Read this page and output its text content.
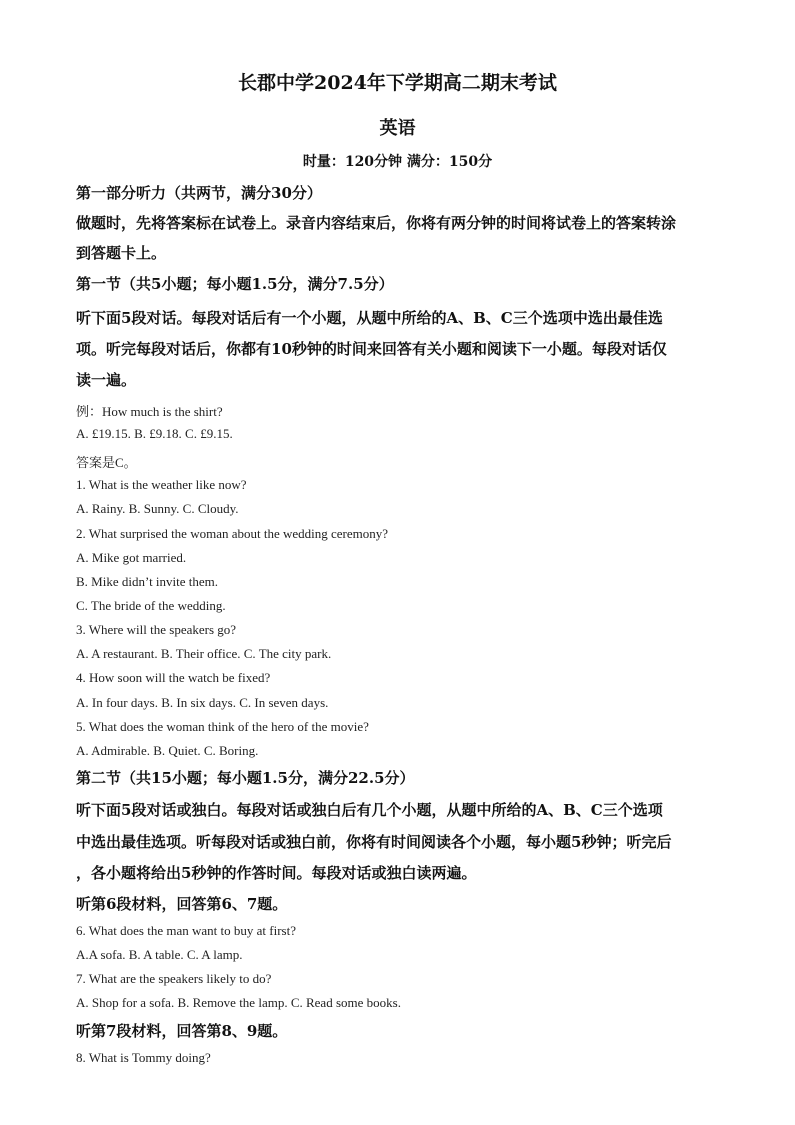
长郡中学2024年下学期高二期末考试
英语
时量：120分钟 满分：150分
第一部分听力（共两节，满分30分）
做题时，先将答案标在试卷上。录音内容结束后，你将有两分钟的时间将试卷上的答案转涂
到答题卡上。
第一节（共5小题；每小题1.5分，满分7.5分）
听下面5段对话。每段对话后有一个小题，从题中所给的A、B、C三个选项中选出最佳选
项。听完每段对话后，你都有10秒钟的时间来回答有关小题和阅读下一小题。每段对话仅
读一遍。
例：How much is the shirt?
A. £19.15. B. £9.18. C. £9.15.
答案是C。
1. What is the weather like now?
A. Rainy. B. Sunny. C. Cloudy.
2. What surprised the woman about the wedding ceremony?
A. Mike got married.
B. Mike didn’t invite them.
C. The bride of the wedding.
3. Where will the speakers go?
A. A restaurant. B. Their office. C. The city park.
4. How soon will the watch be fixed?
A. In four days. B. In six days. C. In seven days.
5. What does the woman think of the hero of the movie?
A. Admirable. B. Quiet. C. Boring.
第二节（共15小题；每小题1.5分，满分22.5分）
听下面5段对话或独白。每段对话或独白后有几个小题，从题中所给的A、B、C三个选项
中选出最佳选项。听每段对话或独白前，你将有时间阅读各个小题，每小题5秒钟；听完后
，各小题将给出5秒钟的作答时间。每段对话或独白读两遍。
听第6段材料，回答第6、7题。
6. What does the man want to buy at first?
A.A sofa. B. A table. C. A lamp.
7. What are the speakers likely to do?
A. Shop for a sofa. B. Remove the lamp. C. Read some books.
听第7段材料，回答第8、9题。
8. What is Tommy doing?
